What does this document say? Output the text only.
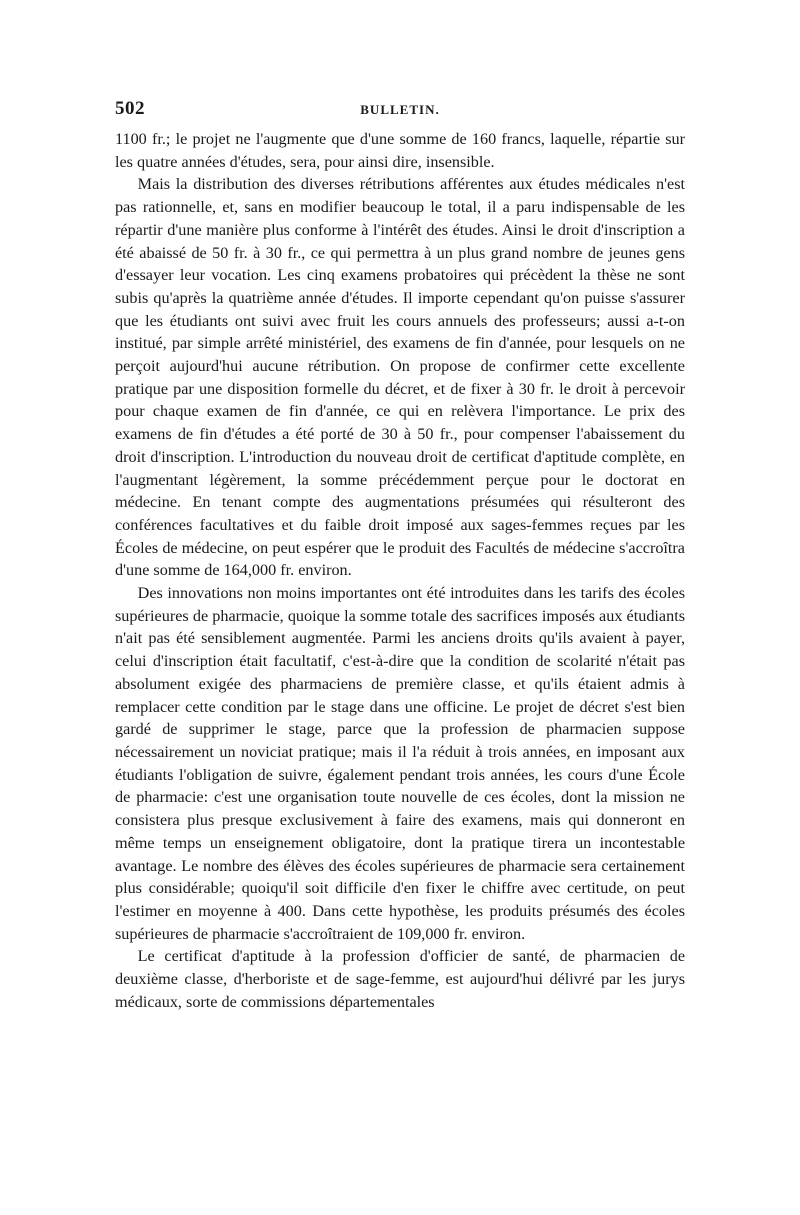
502	BULLETIN.

1100 fr.; le projet ne l'augmente que d'une somme de 160 francs, laquelle, répartie sur les quatre années d'études, sera, pour ainsi dire, insensible.

Mais la distribution des diverses rétributions afférentes aux études médicales n'est pas rationnelle, et, sans en modifier beaucoup le total, il a paru indispensable de les répartir d'une manière plus conforme à l'intérêt des études. Ainsi le droit d'inscription a été abaissé de 50 fr. à 30 fr., ce qui permettra à un plus grand nombre de jeunes gens d'essayer leur vocation. Les cinq examens probatoires qui précèdent la thèse ne sont subis qu'après la quatrième année d'études. Il importe cependant qu'on puisse s'assurer que les étudiants ont suivi avec fruit les cours annuels des professeurs; aussi a-t-on institué, par simple arrêté ministériel, des examens de fin d'année, pour lesquels on ne perçoit aujourd'hui aucune rétribution. On propose de confirmer cette excellente pratique par une disposition formelle du décret, et de fixer à 30 fr. le droit à percevoir pour chaque examen de fin d'année, ce qui en relèvera l'importance. Le prix des examens de fin d'études a été porté de 30 à 50 fr., pour compenser l'abaissement du droit d'inscription. L'introduction du nouveau droit de certificat d'aptitude complète, en l'augmentant légèrement, la somme précédemment perçue pour le doctorat en médecine. En tenant compte des augmentations présumées qui résulteront des conférences facultatives et du faible droit imposé aux sages-femmes reçues par les Écoles de médecine, on peut espérer que le produit des Facultés de médecine s'accroîtra d'une somme de 164,000 fr. environ.

Des innovations non moins importantes ont été introduites dans les tarifs des écoles supérieures de pharmacie, quoique la somme totale des sacrifices imposés aux étudiants n'ait pas été sensiblement augmentée. Parmi les anciens droits qu'ils avaient à payer, celui d'inscription était facultatif, c'est-à-dire que la condition de scolarité n'était pas absolument exigée des pharmaciens de première classe, et qu'ils étaient admis à remplacer cette condition par le stage dans une officine. Le projet de décret s'est bien gardé de supprimer le stage, parce que la profession de pharmacien suppose nécessairement un noviciat pratique; mais il l'a réduit à trois années, en imposant aux étudiants l'obligation de suivre, également pendant trois années, les cours d'une École de pharmacie: c'est une organisation toute nouvelle de ces écoles, dont la mission ne consistera plus presque exclusivement à faire des examens, mais qui donneront en même temps un enseignement obligatoire, dont la pratique tirera un incontestable avantage. Le nombre des élèves des écoles supérieures de pharmacie sera certainement plus considérable; quoiqu'il soit difficile d'en fixer le chiffre avec certitude, on peut l'estimer en moyenne à 400. Dans cette hypothèse, les produits présumés des écoles supérieures de pharmacie s'accroîtraient de 109,000 fr. environ.

Le certificat d'aptitude à la profession d'officier de santé, de pharmacien de deuxième classe, d'herboriste et de sage-femme, est aujourd'hui délivré par les jurys médicaux, sorte de commissions départementales
